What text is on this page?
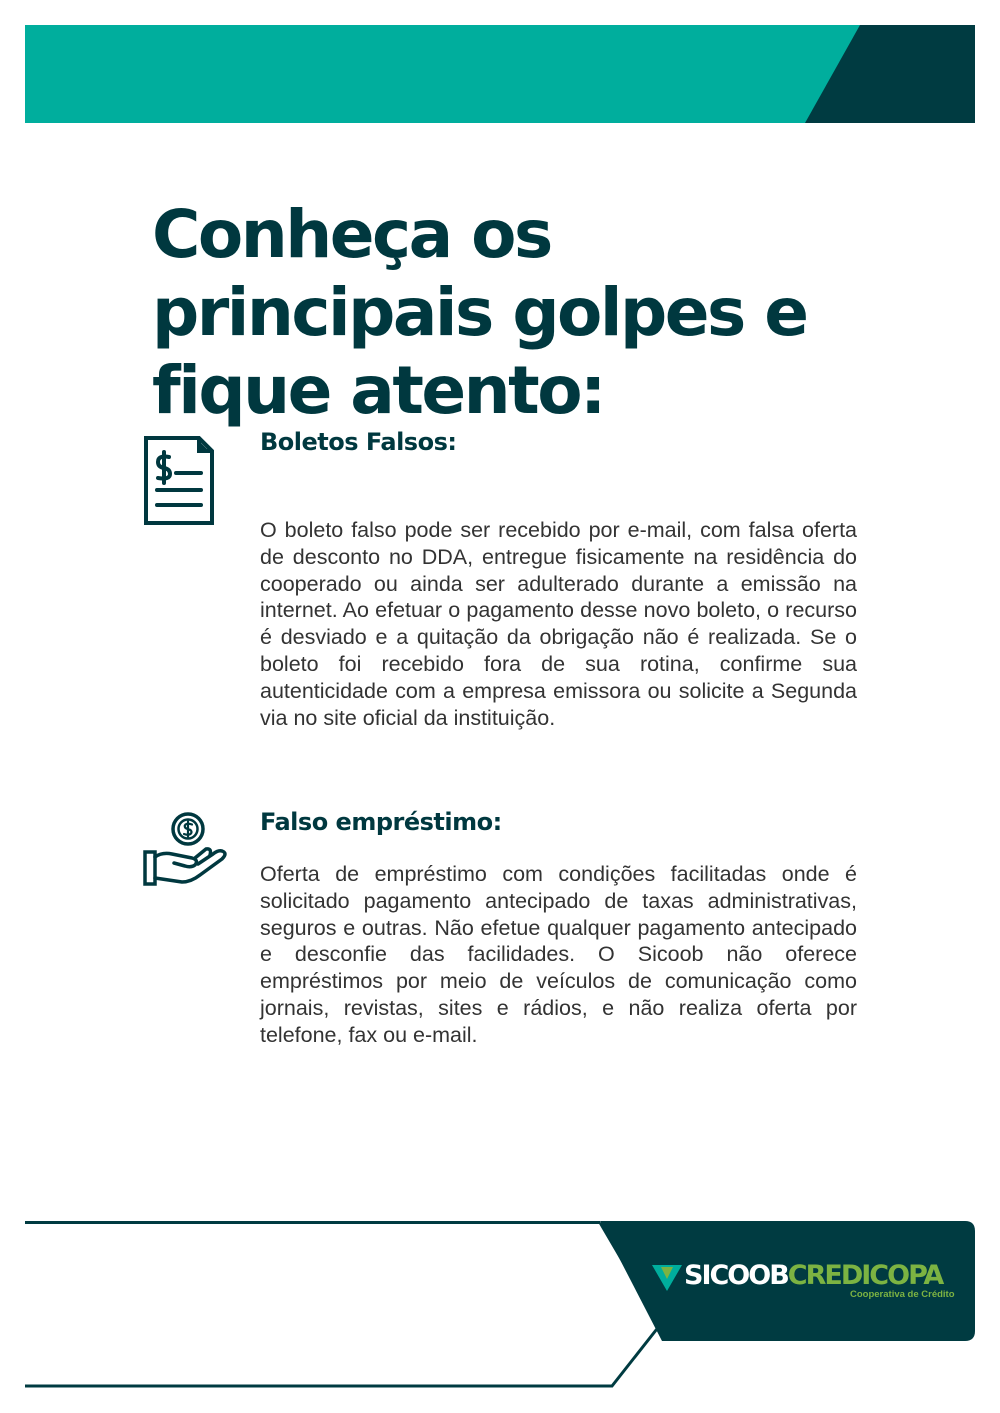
Conheça os principais golpes e fique atento:
Boletos Falsos:

O boleto falso pode ser recebido por e-mail, com falsa oferta de desconto no DDA, entregue fisicamente na residência do cooperado ou ainda ser adulterado durante a emissão na internet. Ao efetuar o pagamento desse novo boleto, o recurso é desviado e a quitação da obrigação não é realizada. Se o boleto foi recebido fora de sua rotina, confirme sua autenticidade com a empresa emissora ou solicite a Segunda via no site oficial da instituição.

Falso empréstimo:

Oferta de empréstimo com condições facilitadas onde é solicitado pagamento antecipado de taxas administrativas, seguros e outras. Não efetue qualquer pagamento antecipado e desconfie das facilidades. O Sicoob não oferece empréstimos por meio de veículos de comunicação como jornais, revistas, sites e rádios, e não realiza oferta por telefone, fax ou e-mail.

SICOOBCREDICOPA
Cooperativa de Crédito
